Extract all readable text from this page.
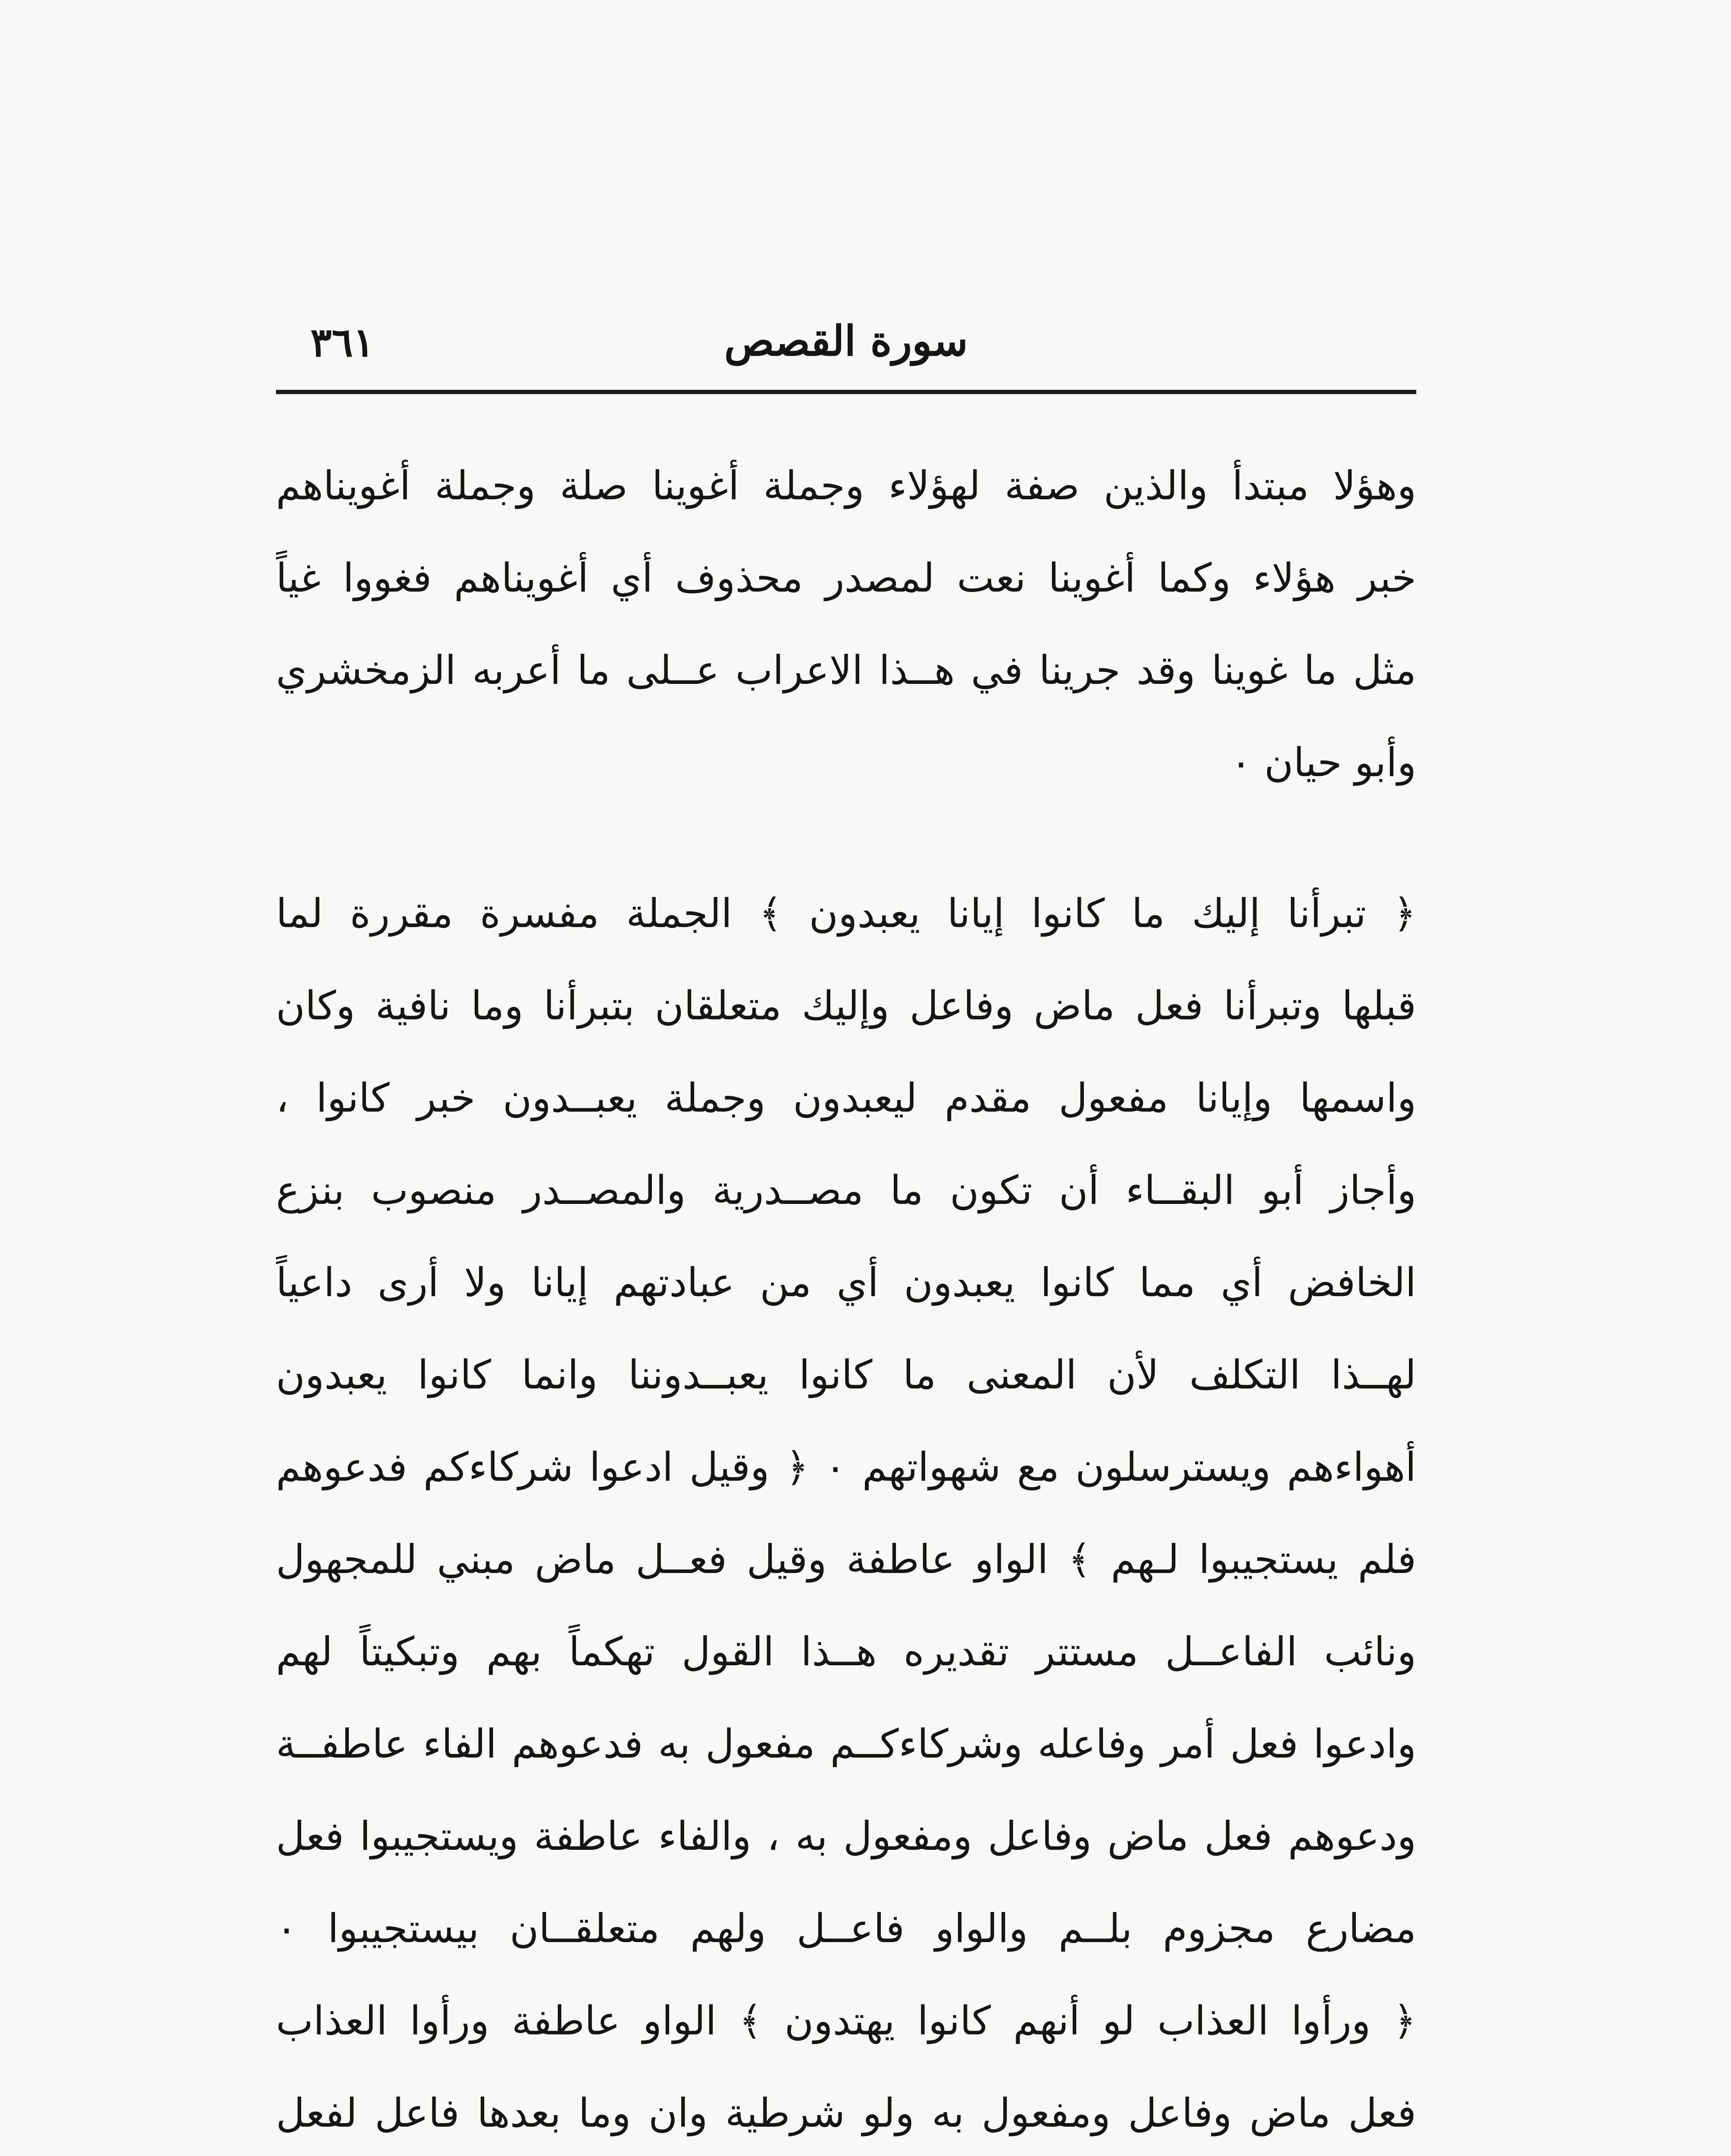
سورة القصص
٣٦١
وهؤلا مبتدأ والذين صفة لهؤلاء وجملة أغوينا صلة وجملة أغويناهم
خبر هؤلاء وكما أغوينا نعت لمصدر محذوف أي أغويناهم فغووا غياً
مثل ما غوينا وقد جرينا في هــذا الاعراب عــلى ما أعربه الزمخشري
وأبو حيان ٠
﴿ تبرأنا إليك ما كانوا إيانا يعبدون ﴾ الجملة مفسرة مقررة لما
قبلها وتبرأنا فعل ماض وفاعل وإليك متعلقان بتبرأنا وما نافية وكان
واسمها وإيانا مفعول مقدم ليعبدون وجملة يعبــدون خبر كانوا ،
وأجاز أبو البقــاء أن تكون ما مصــدرية والمصــدر منصوب بنزع
الخافض أي مما كانوا يعبدون أي من عبادتهم إيانا ولا أرى داعياً
لهــذا التكلف لأن المعنى ما كانوا يعبــدوننا وانما كانوا يعبدون
أهواءهم ويسترسلون مع شهواتهم ٠ ﴿ وقيل ادعوا شركاءكم فدعوهم
فلم يستجيبوا لـهم ﴾ الواو عاطفة وقيل فعــل ماض مبني للمجهول
ونائب الفاعــل مستتر تقديره هــذا القول تهكماً بهم وتبكيتاً لهم
وادعوا فعل أمر وفاعله وشركاءكــم مفعول به فدعوهم الفاء عاطفــة
ودعوهم فعل ماض وفاعل ومفعول به ، والفاء عاطفة ويستجيبوا فعل
مضارع مجزوم بلــم والواو فاعــل ولهم متعلقــان بيستجيبوا ٠
﴿ ورأوا العذاب لو أنهم كانوا يهتدون ﴾ الواو عاطفة ورأوا العذاب
فعل ماض وفاعل ومفعول به ولو شرطية وان وما بعدها فاعل لفعل
